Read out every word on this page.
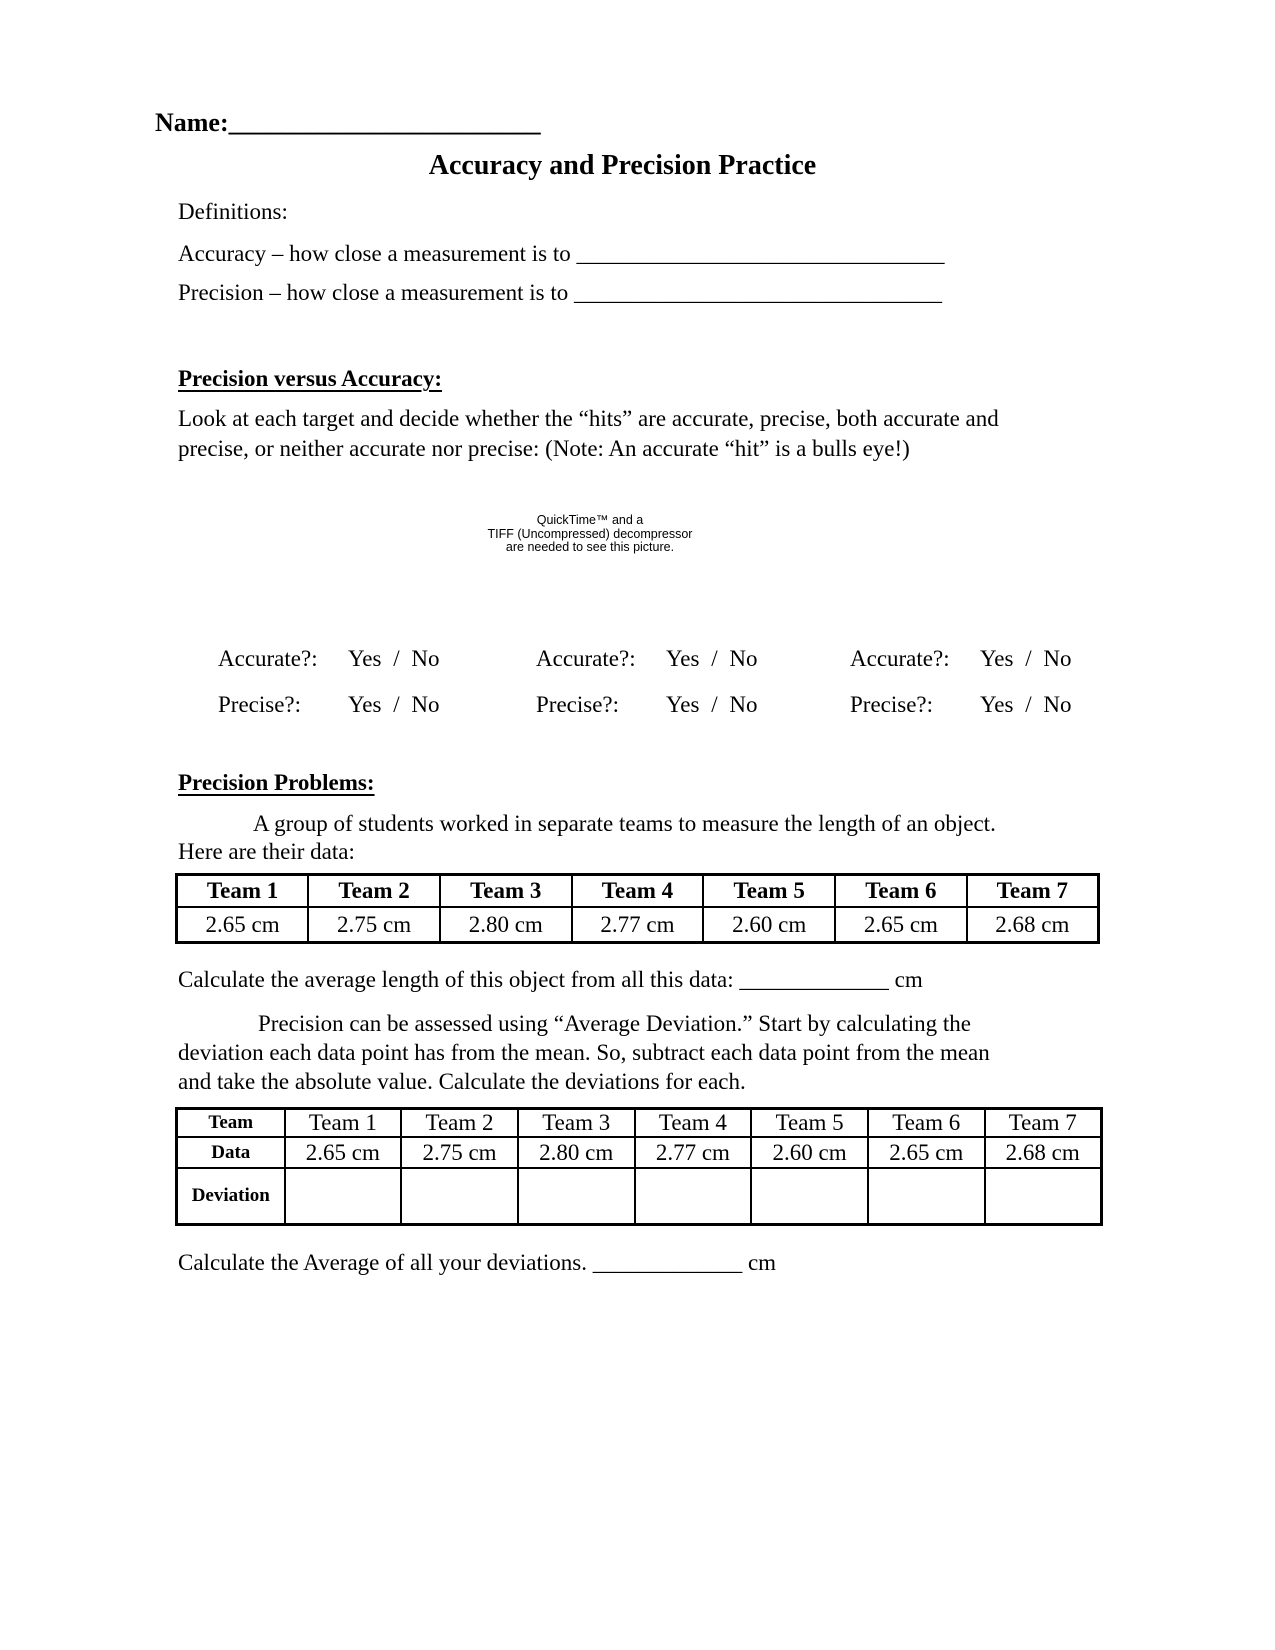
Name:________________________
Accuracy and Precision Practice
Definitions:
Accuracy – how close a measurement is to ________________________________
Precision – how close a measurement is to ________________________________
Precision versus Accuracy:
Look at each target and decide whether the “hits” are accurate, precise, both accurate and
precise, or neither accurate nor precise: (Note: An accurate “hit” is a bulls eye!)
QuickTime™ and a
TIFF (Uncompressed) decompressor
are needed to see this picture.
Accurate?:	Yes / No
Precise?:	Yes / No
Accurate?:	Yes / No
Precise?:	Yes / No
Accurate?:	Yes / No
Precise?:	Yes / No
Precision Problems:
A group of students worked in separate teams to measure the length of an object.
Here are their data:
Team 1	Team 2	Team 3	Team 4	Team 5	Team 6	Team 7
2.65 cm	2.75 cm	2.80 cm	2.77 cm	2.60 cm	2.65 cm	2.68 cm
Calculate the average length of this object from all this data: _____________ cm
Precision can be assessed using “Average Deviation.” Start by calculating the
deviation each data point has from the mean. So, subtract each data point from the mean
and take the absolute value. Calculate the deviations for each.
Team	Team 1	Team 2	Team 3	Team 4	Team 5	Team 6	Team 7
Data	2.65 cm	2.75 cm	2.80 cm	2.77 cm	2.60 cm	2.65 cm	2.68 cm
Deviation							
Calculate the Average of all your deviations. _____________ cm
